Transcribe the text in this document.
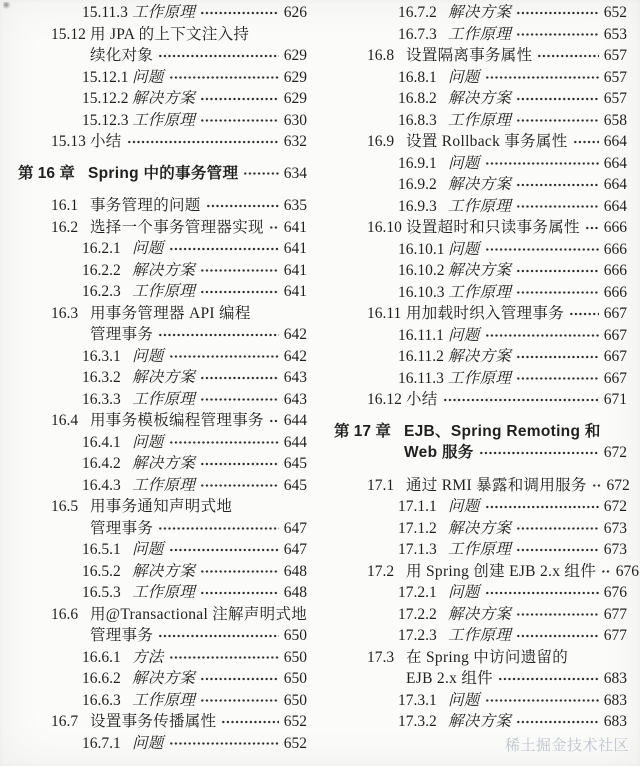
15.11.3 工作原理	626
15.12 用 JPA 的上下文注入持
续化对象	629
15.12.1 问题	629
15.12.2 解决方案	629
15.12.3 工作原理	630
15.13 小结	632
第 16 章 Spring 中的事务管理	634
16.1 事务管理的问题	635
16.2 选择一个事务管理器实现 641
16.2.1 问题	641
16.2.2 解决方案	641
16.2.3 工作原理	641
16.3 用事务管理器 API 编程
管理事务	642
16.3.1 问题	642
16.3.2 解决方案	643
16.3.3 工作原理	643
16.4 用事务模板编程管理事务 644
16.4.1 问题	644
16.4.2 解决方案	645
16.4.3 工作原理	645
16.5 用事务通知声明式地
管理事务	647
16.5.1 问题	647
16.5.2 解决方案	648
16.5.3 工作原理	648
16.6 用@Transactional 注解声明式地
管理事务	650
16.6.1 方法	650
16.6.2 解决方案	650
16.6.3 工作原理	650
16.7 设置事务传播属性	652
16.7.1 问题	652
16.7.2 解决方案	652
16.7.3 工作原理	653
16.8 设置隔离事务属性	657
16.8.1 问题	657
16.8.2 解决方案	657
16.8.3 工作原理	658
16.9 设置 Rollback 事务属性 664
16.9.1 问题	664
16.9.2 解决方案	664
16.9.3 工作原理	664
16.10 设置超时和只读事务属性 666
16.10.1 问题	666
16.10.2 解决方案	666
16.10.3 工作原理	666
16.11 用加载时织入管理事务	667
16.11.1 问题	667
16.11.2 解决方案	667
16.11.3 工作原理	667
16.12 小结	671
第 17 章 EJB、Spring Remoting 和
Web 服务	672
17.1 通过 RMI 暴露和调用服务 672
17.1.1 问题	672
17.1.2 解决方案	673
17.1.3 工作原理	673
17.2 用 Spring 创建 EJB 2.x 组件 676
17.2.1 问题	676
17.2.2 解决方案	677
17.2.3 工作原理	677
17.3 在 Spring 中访问遗留的
EJB 2.x 组件	683
17.3.1 问题	683
17.3.2 解决方案	683
稀土掘金技术社区
